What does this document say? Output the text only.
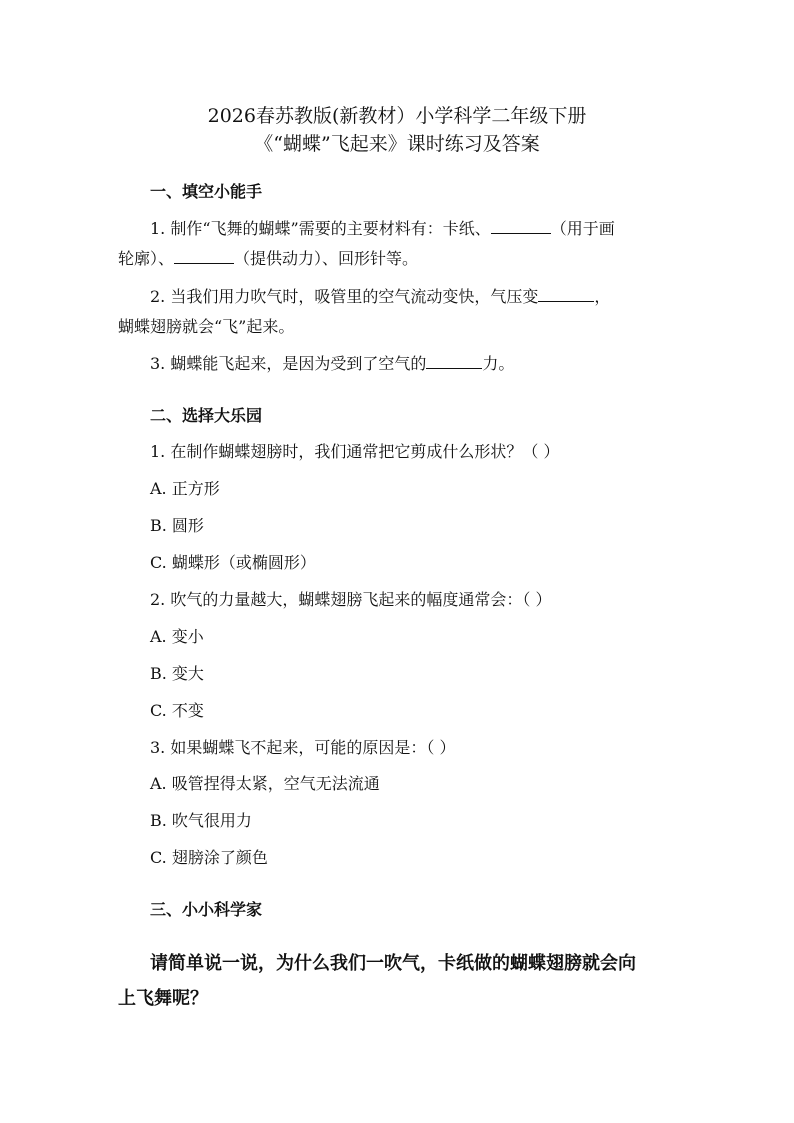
2026春苏教版(新教材）小学科学二年级下册
《“蝴蝶”飞起来》课时练习及答案
一、填空小能手
1. 制作“飞舞的蝴蝶”需要的主要材料有：卡纸、	（用于画
轮廓）、	（提供动力）、回形针等。
2. 当我们用力吹气时，吸管里的空气流动变快，气压变	，
蝴蝶翅膀就会“飞”起来。
3. 蝴蝶能飞起来，是因为受到了空气的	力。
二、选择大乐园
1. 在制作蝴蝶翅膀时，我们通常把它剪成什么形状？（ ）
A. 正方形
B. 圆形
C. 蝴蝶形（或椭圆形）
2. 吹气的力量越大，蝴蝶翅膀飞起来的幅度通常会：（ ）
A. 变小
B. 变大
C. 不变
3. 如果蝴蝶飞不起来，可能的原因是：（ ）
A. 吸管捏得太紧，空气无法流通
B. 吹气很用力
C. 翅膀涂了颜色
三、小小科学家
请简单说一说，为什么我们一吹气，卡纸做的蝴蝶翅膀就会向
上飞舞呢？
